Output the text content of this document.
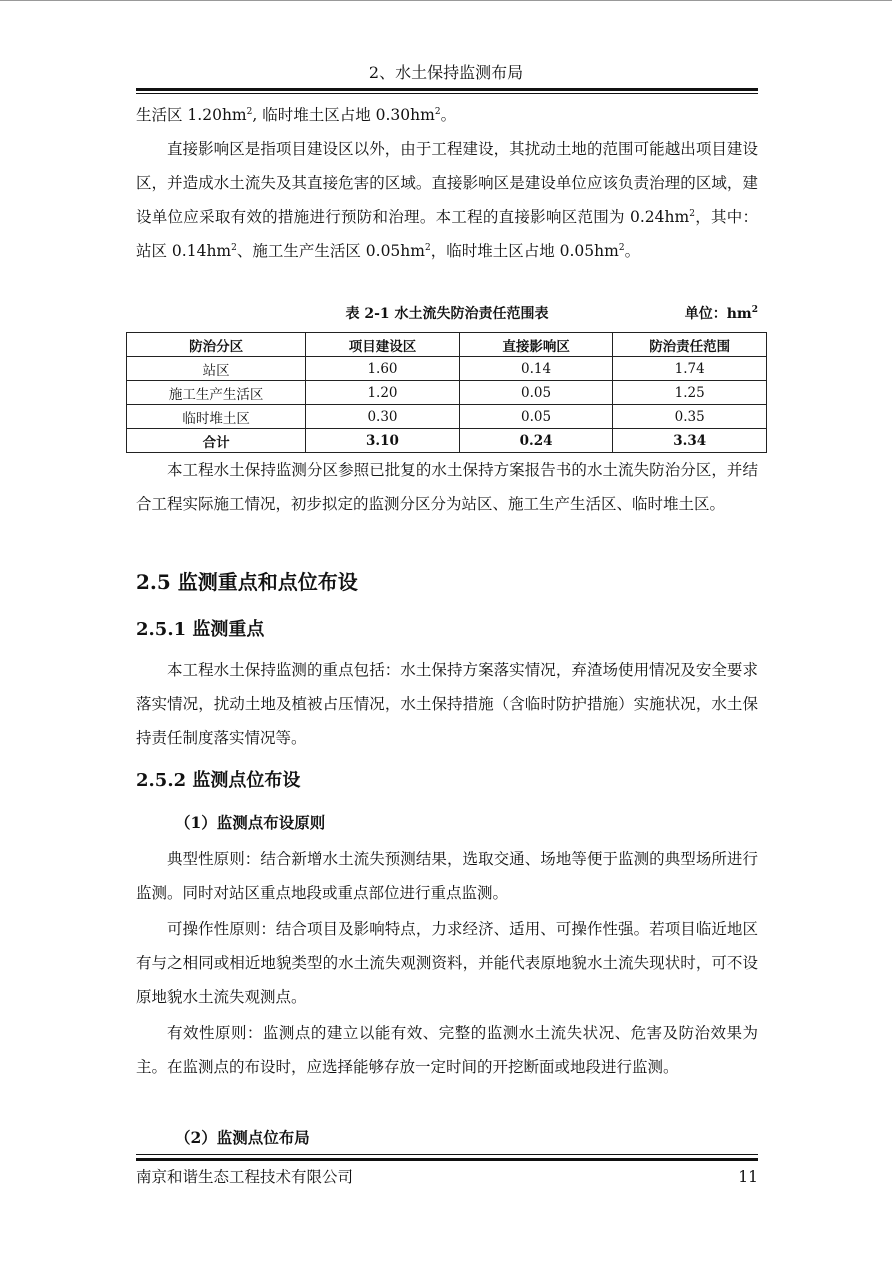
2、水土保持监测布局

生活区 $1.20hm^2$, 临时堆土区占地 $0.30hm^2$。

直接影响区是指项目建设区以外，由于工程建设，其扰动土地的范围可能越出项目建设区，并造成水土流失及其直接危害的区域。直接影响区是建设单位应该负责治理的区域，建设单位应采取有效的措施进行预防和治理。本工程的直接影响区范围为 $0.24hm^2$，其中：站区 $0.14hm^2$、施工生产生活区 $0.05hm^2$，临时堆土区占地 $0.05hm^2$。

表 2-1 水土流失防治责任范围表	单位：$hm^2$
防治分区	项目建设区	直接影响区	防治责任范围
站区	1.60	0.14	1.74
施工生产生活区	1.20	0.05	1.25
临时堆土区	0.30	0.05	0.35
合计	3.10	0.24	3.34

本工程水土保持监测分区参照已批复的水土保持方案报告书的水土流失防治分区，并结合工程实际施工情况，初步拟定的监测分区分为站区、施工生产生活区、临时堆土区。

2.5 监测重点和点位布设
2.5.1 监测重点

本工程水土保持监测的重点包括：水土保持方案落实情况，弃渣场使用情况及安全要求落实情况，扰动土地及植被占压情况，水土保持措施（含临时防护措施）实施状况，水土保持责任制度落实情况等。

2.5.2 监测点位布设
（1）监测点布设原则

典型性原则：结合新增水土流失预测结果，选取交通、场地等便于监测的典型场所进行监测。同时对站区重点地段或重点部位进行重点监测。

可操作性原则：结合项目及影响特点，力求经济、适用、可操作性强。若项目临近地区有与之相同或相近地貌类型的水土流失观测资料，并能代表原地貌水土流失现状时，可不设原地貌水土流失观测点。

有效性原则：监测点的建立以能有效、完整的监测水土流失状况、危害及防治效果为主。在监测点的布设时，应选择能够存放一定时间的开挖断面或地段进行监测。

（2）监测点位布局
南京和谐生态工程技术有限公司	11
